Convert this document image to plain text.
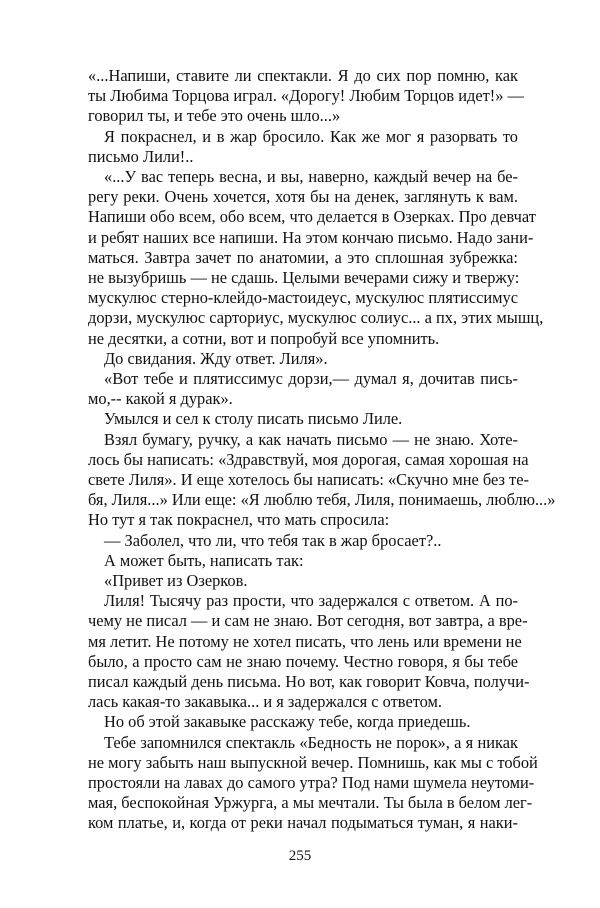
«...Напиши, ставите ли спектакли. Я до сих пор помню, как
ты Любима Торцова играл. «Дорогу! Любим Торцов идет!» —
говорил ты, и тебе это очень шло...»
Я покраснел, и в жар бросило. Как же мог я разорвать то
письмо Лили!..
«...У вас теперь весна, и вы, наверно, каждый вечер на бе-
регу реки. Очень хочется, хотя бы на денек, заглянуть к вам.
Напиши обо всем, обо всем, что делается в Озерках. Про девчат
и ребят наших все напиши. На этом кончаю письмо. Надо зани-
маться. Завтра зачет по анатомии, а это сплошная зубрежка:
не вызубришь — не сдашь. Целыми вечерами сижу и твержу:
мускулюс стерно-клейдо-мастоидеус, мускулюс плятиссимус
дорзи, мускулюс сарториус, мускулюс солиус... а пх, этих мышц,
не десятки, а сотни, вот и попробуй все упомнить.
До свидания. Жду ответ. Лиля».
«Вот тебе и плятиссимус дорзи,— думал я, дочитав пись-
мо,-- какой я дурак».
Умылся и сел к столу писать письмо Лиле.
Взял бумагу, ручку, а как начать письмо — не знаю. Хоте-
лось бы написать: «Здравствуй, моя дорогая, самая хорошая на
свете Лиля». И еще хотелось бы написать: «Скучно мне без те-
бя, Лиля...» Или еще: «Я люблю тебя, Лиля, понимаешь, люблю...»
Но тут я так покраснел, что мать спросила:
— Заболел, что ли, что тебя так в жар бросает?..
А может быть, написать так:
«Привет из Озерков.
Лиля! Тысячу раз прости, что задержался с ответом. А по-
чему не писал — и сам не знаю. Вот сегодня, вот завтра, а вре-
мя летит. Не потому не хотел писать, что лень или времени не
было, а просто сам не знаю почему. Честно говоря, я бы тебе
писал каждый день письма. Но вот, как говорит Ковча, получи-
лась какая-то закавыка... и я задержался с ответом.
Но об этой закавыке расскажу тебе, когда приедешь.
Тебе запомнился спектакль «Бедность не порок», а я никак
не могу забыть наш выпускной вечер. Помнишь, как мы с тобой
простояли на лавах до самого утра? Под нами шумела неутоми-
255
мая, беспокойная Уржурга, а мы мечтали. Ты была в белом лег-
ком платье, и, когда от реки начал подыматься туман, я наки-
